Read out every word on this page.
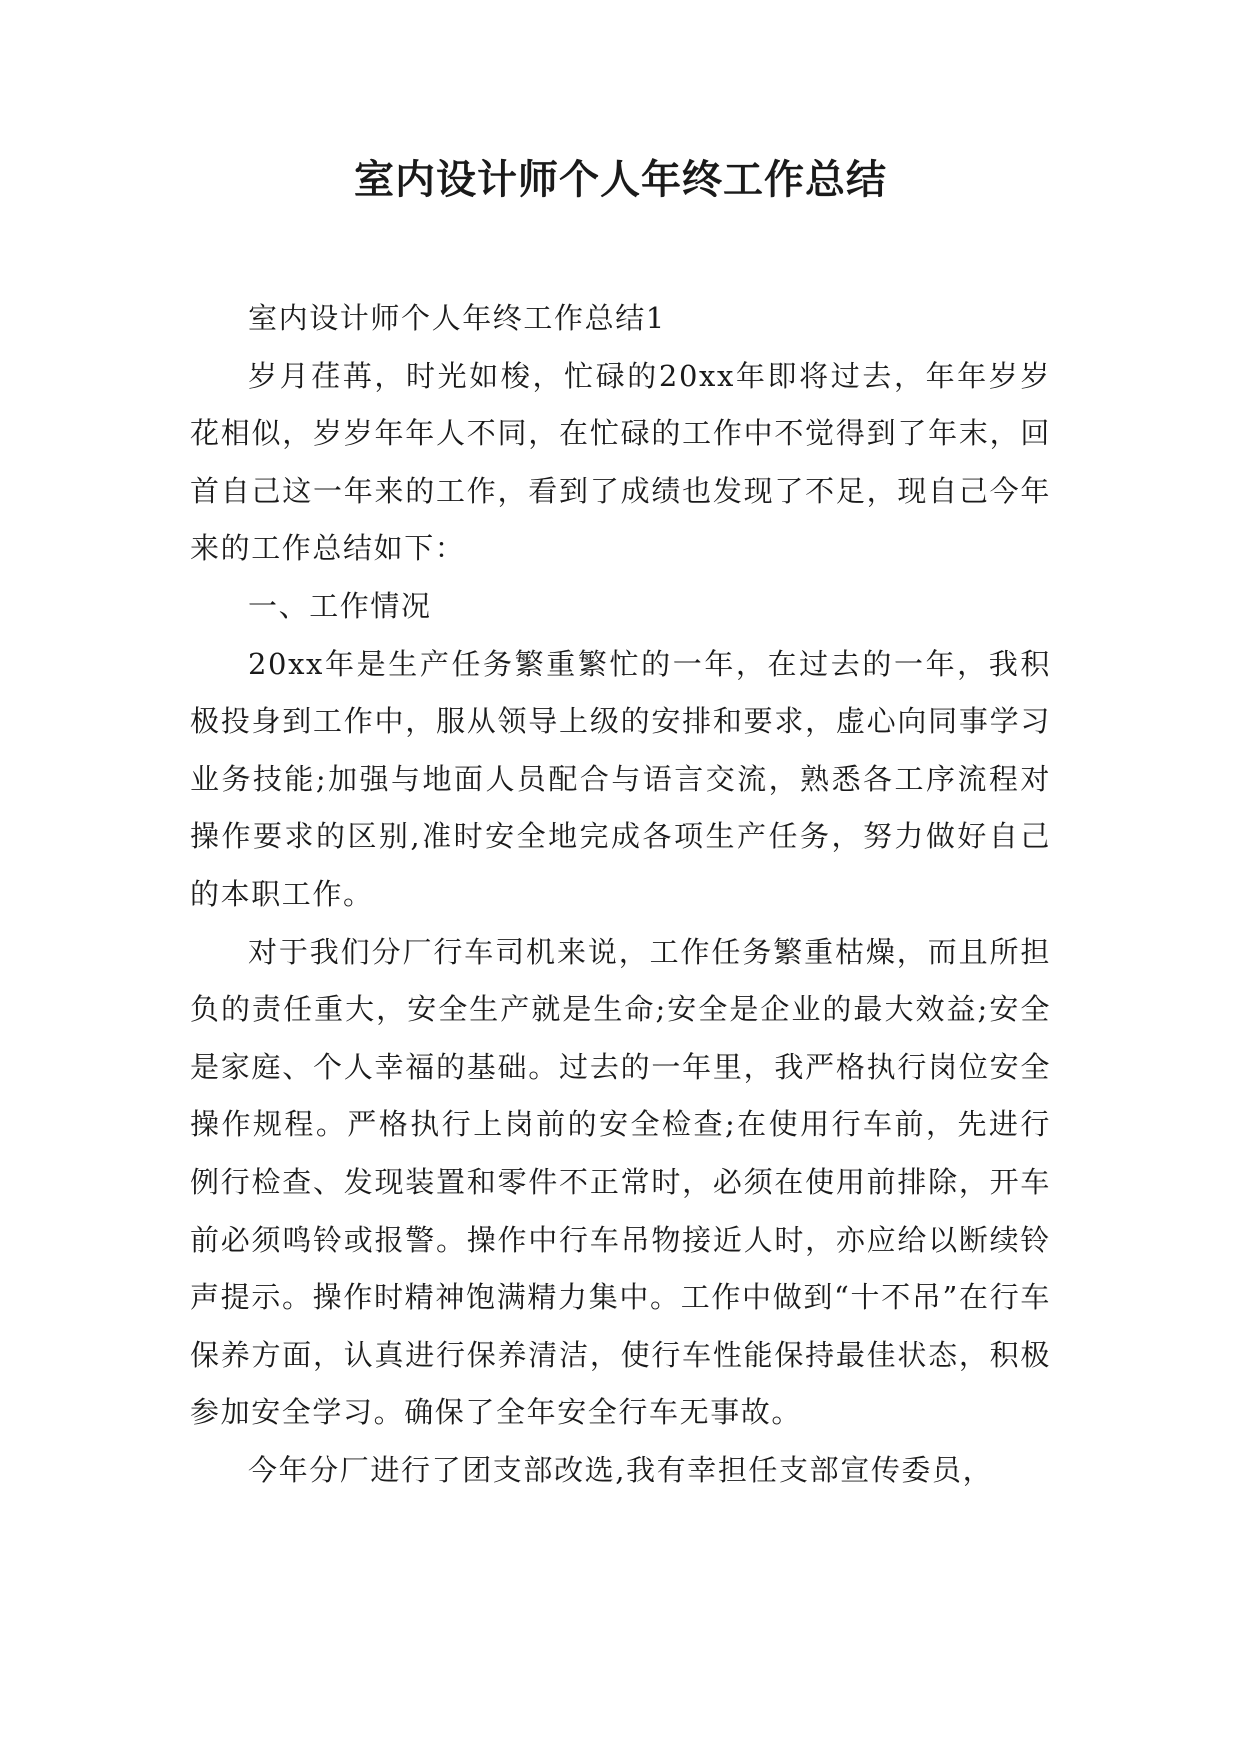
室内设计师个人年终工作总结

室内设计师个人年终工作总结1

岁月荏苒，时光如梭，忙碌的20xx年即将过去，年年岁岁花相似，岁岁年年人不同，在忙碌的工作中不觉得到了年末，回首自己这一年来的工作，看到了成绩也发现了不足，现自己今年来的工作总结如下：

一、工作情况

20xx年是生产任务繁重繁忙的一年，在过去的一年，我积极投身到工作中，服从领导上级的安排和要求，虚心向同事学习业务技能;加强与地面人员配合与语言交流，熟悉各工序流程对操作要求的区别,准时安全地完成各项生产任务，努力做好自己的本职工作。

对于我们分厂行车司机来说，工作任务繁重枯燥，而且所担负的责任重大，安全生产就是生命;安全是企业的最大效益;安全是家庭、个人幸福的基础。过去的一年里，我严格执行岗位安全操作规程。严格执行上岗前的安全检查;在使用行车前，先进行例行检查、发现装置和零件不正常时，必须在使用前排除，开车前必须鸣铃或报警。操作中行车吊物接近人时，亦应给以断续铃声提示。操作时精神饱满精力集中。工作中做到“十不吊”在行车保养方面，认真进行保养清洁，使行车性能保持最佳状态，积极参加安全学习。确保了全年安全行车无事故。

今年分厂进行了团支部改选,我有幸担任支部宣传委员，
